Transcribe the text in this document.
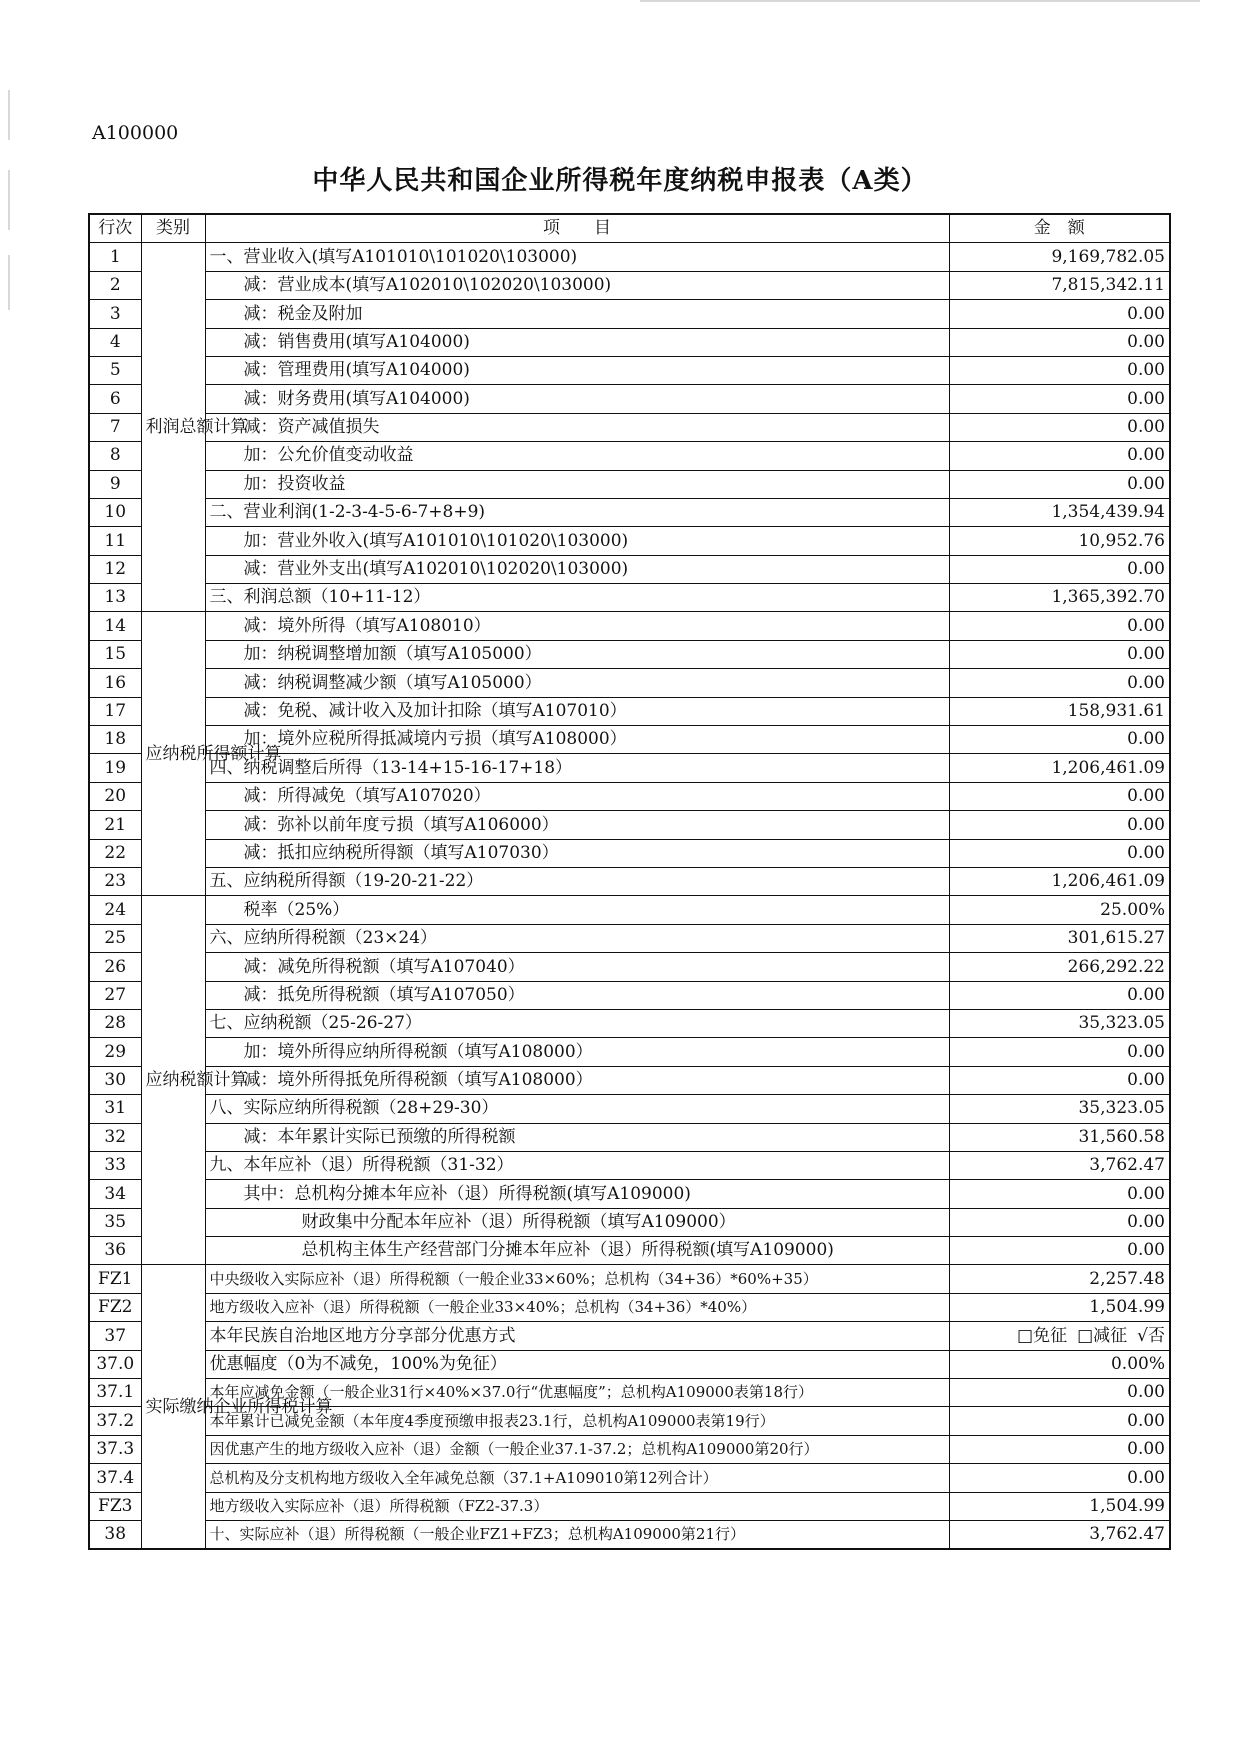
A100000
中华人民共和国企业所得税年度纳税申报表（A类）
行次	类别	项　　目	金　额
1	利润总额计算	一、营业收入(填写A101010\101020\103000)	9,169,782.05
2		减：营业成本(填写A102010\102020\103000)	7,815,342.11
3		减：税金及附加	0.00
4		减：销售费用(填写A104000)	0.00
5		减：管理费用(填写A104000)	0.00
6		减：财务费用(填写A104000)	0.00
7		减：资产减值损失	0.00
8		加：公允价值变动收益	0.00
9		加：投资收益	0.00
10		二、营业利润(1-2-3-4-5-6-7+8+9)	1,354,439.94
11		加：营业外收入(填写A101010\101020\103000)	10,952.76
12		减：营业外支出(填写A102010\102020\103000)	0.00
13		三、利润总额（10+11-12）	1,365,392.70
14	应纳税所得额计算	减：境外所得（填写A108010）	0.00
15		加：纳税调整增加额（填写A105000）	0.00
16		减：纳税调整减少额（填写A105000）	0.00
17		减：免税、减计收入及加计扣除（填写A107010）	158,931.61
18		加：境外应税所得抵减境内亏损（填写A108000）	0.00
19		四、纳税调整后所得（13-14+15-16-17+18）	1,206,461.09
20		减：所得减免（填写A107020）	0.00
21		减：弥补以前年度亏损（填写A106000）	0.00
22		减：抵扣应纳税所得额（填写A107030）	0.00
23		五、应纳税所得额（19-20-21-22）	1,206,461.09
24	应纳税额计算	税率（25%）	25.00%
25		六、应纳所得税额（23×24）	301,615.27
26		减：减免所得税额（填写A107040）	266,292.22
27		减：抵免所得税额（填写A107050）	0.00
28		七、应纳税额（25-26-27）	35,323.05
29		加：境外所得应纳所得税额（填写A108000）	0.00
30		减：境外所得抵免所得税额（填写A108000）	0.00
31		八、实际应纳所得税额（28+29-30）	35,323.05
32		减：本年累计实际已预缴的所得税额	31,560.58
33		九、本年应补（退）所得税额（31-32）	3,762.47
34		其中：总机构分摊本年应补（退）所得税额(填写A109000)	0.00
35		财政集中分配本年应补（退）所得税额（填写A109000）	0.00
36		总机构主体生产经营部门分摊本年应补（退）所得税额(填写A109000)	0.00
FZ1	实际缴纳企业所得税计算	中央级收入实际应补（退）所得税额（一般企业33×60%；总机构（34+36）*60%+35）	2,257.48
FZ2		地方级收入应补（退）所得税额（一般企业33×40%；总机构（34+36）*40%）	1,504.99
37		本年民族自治地区地方分享部分优惠方式	□免征 □减征 √否
37.0		优惠幅度（0为不减免，100%为免征）	0.00%
37.1		本年应减免金额（一般企业31行×40%×37.0行“优惠幅度”；总机构A109000表第18行）	0.00
37.2		本年累计已减免金额（本年度4季度预缴申报表23.1行，总机构A109000表第19行）	0.00
37.3		因优惠产生的地方级收入应补（退）金额（一般企业37.1-37.2；总机构A109000第20行）	0.00
37.4		总机构及分支机构地方级收入全年减免总额（37.1+A109010第12列合计）	0.00
FZ3		地方级收入实际应补（退）所得税额（FZ2-37.3）	1,504.99
38		十、实际应补（退）所得税额（一般企业FZ1+FZ3；总机构A109000第21行）	3,762.47
